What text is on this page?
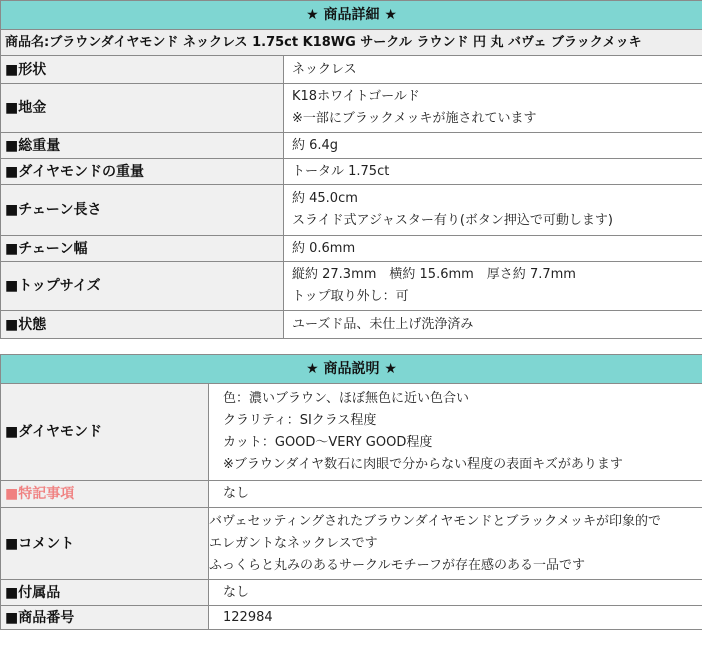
★ 商品詳細 ★	
商品名:ブラウンダイヤモンド ネックレス 1.75ct K18WG サークル ラウンド 円 丸 バヴェ ブラックメッキ	
■形状	ネックレス

■地金	K18ホワイトゴールド
※一部にブラックメッキが施されています

■総重量	約 6.4g

■ダイヤモンドの重量	トータル 1.75ct

■チェーン長さ	約 45.0cm
スライド式アジャスター有り(ボタン押込で可動します)

■チェーン幅	約 0.6mm

■トップサイズ	縦約 27.3mm　横約 15.6mm　厚さ約 7.7mm
トップ取り外し：可

■状態	ユーズド品、未仕上げ洗浄済み
★ 商品説明 ★	
■ダイヤモンド	色：濃いブラウン、ほぼ無色に近い色合い
クラリティ：SIクラス程度
カット：GOOD〜VERY GOOD程度
※ブラウンダイヤ数石に肉眼で分からない程度の表面キズがあります

■特記事項	なし

■コメント	バヴェセッティングされたブラウンダイヤモンドとブラックメッキが印象的で
エレガントなネックレスです
ふっくらと丸みのあるサークルモチーフが存在感のある一品です

■付属品	なし

■商品番号	122984
